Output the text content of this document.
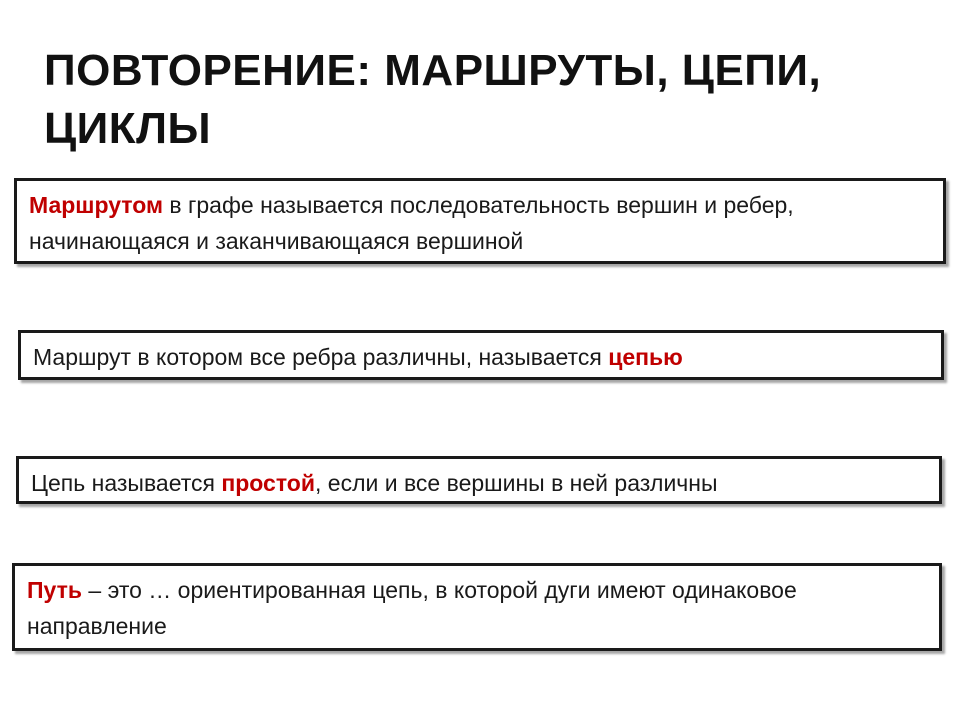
ПОВТОРЕНИЕ: МАРШРУТЫ, ЦЕПИ, ЦИКЛЫ
Маршрутом в графе называется последовательность вершин и ребер, начинающаяся и заканчивающаяся вершиной
Маршрут в котором все ребра различны, называется цепью
Цепь называется простой, если и все вершины в ней различны
Путь – это … ориентированная цепь, в которой дуги имеют одинаковое направление
